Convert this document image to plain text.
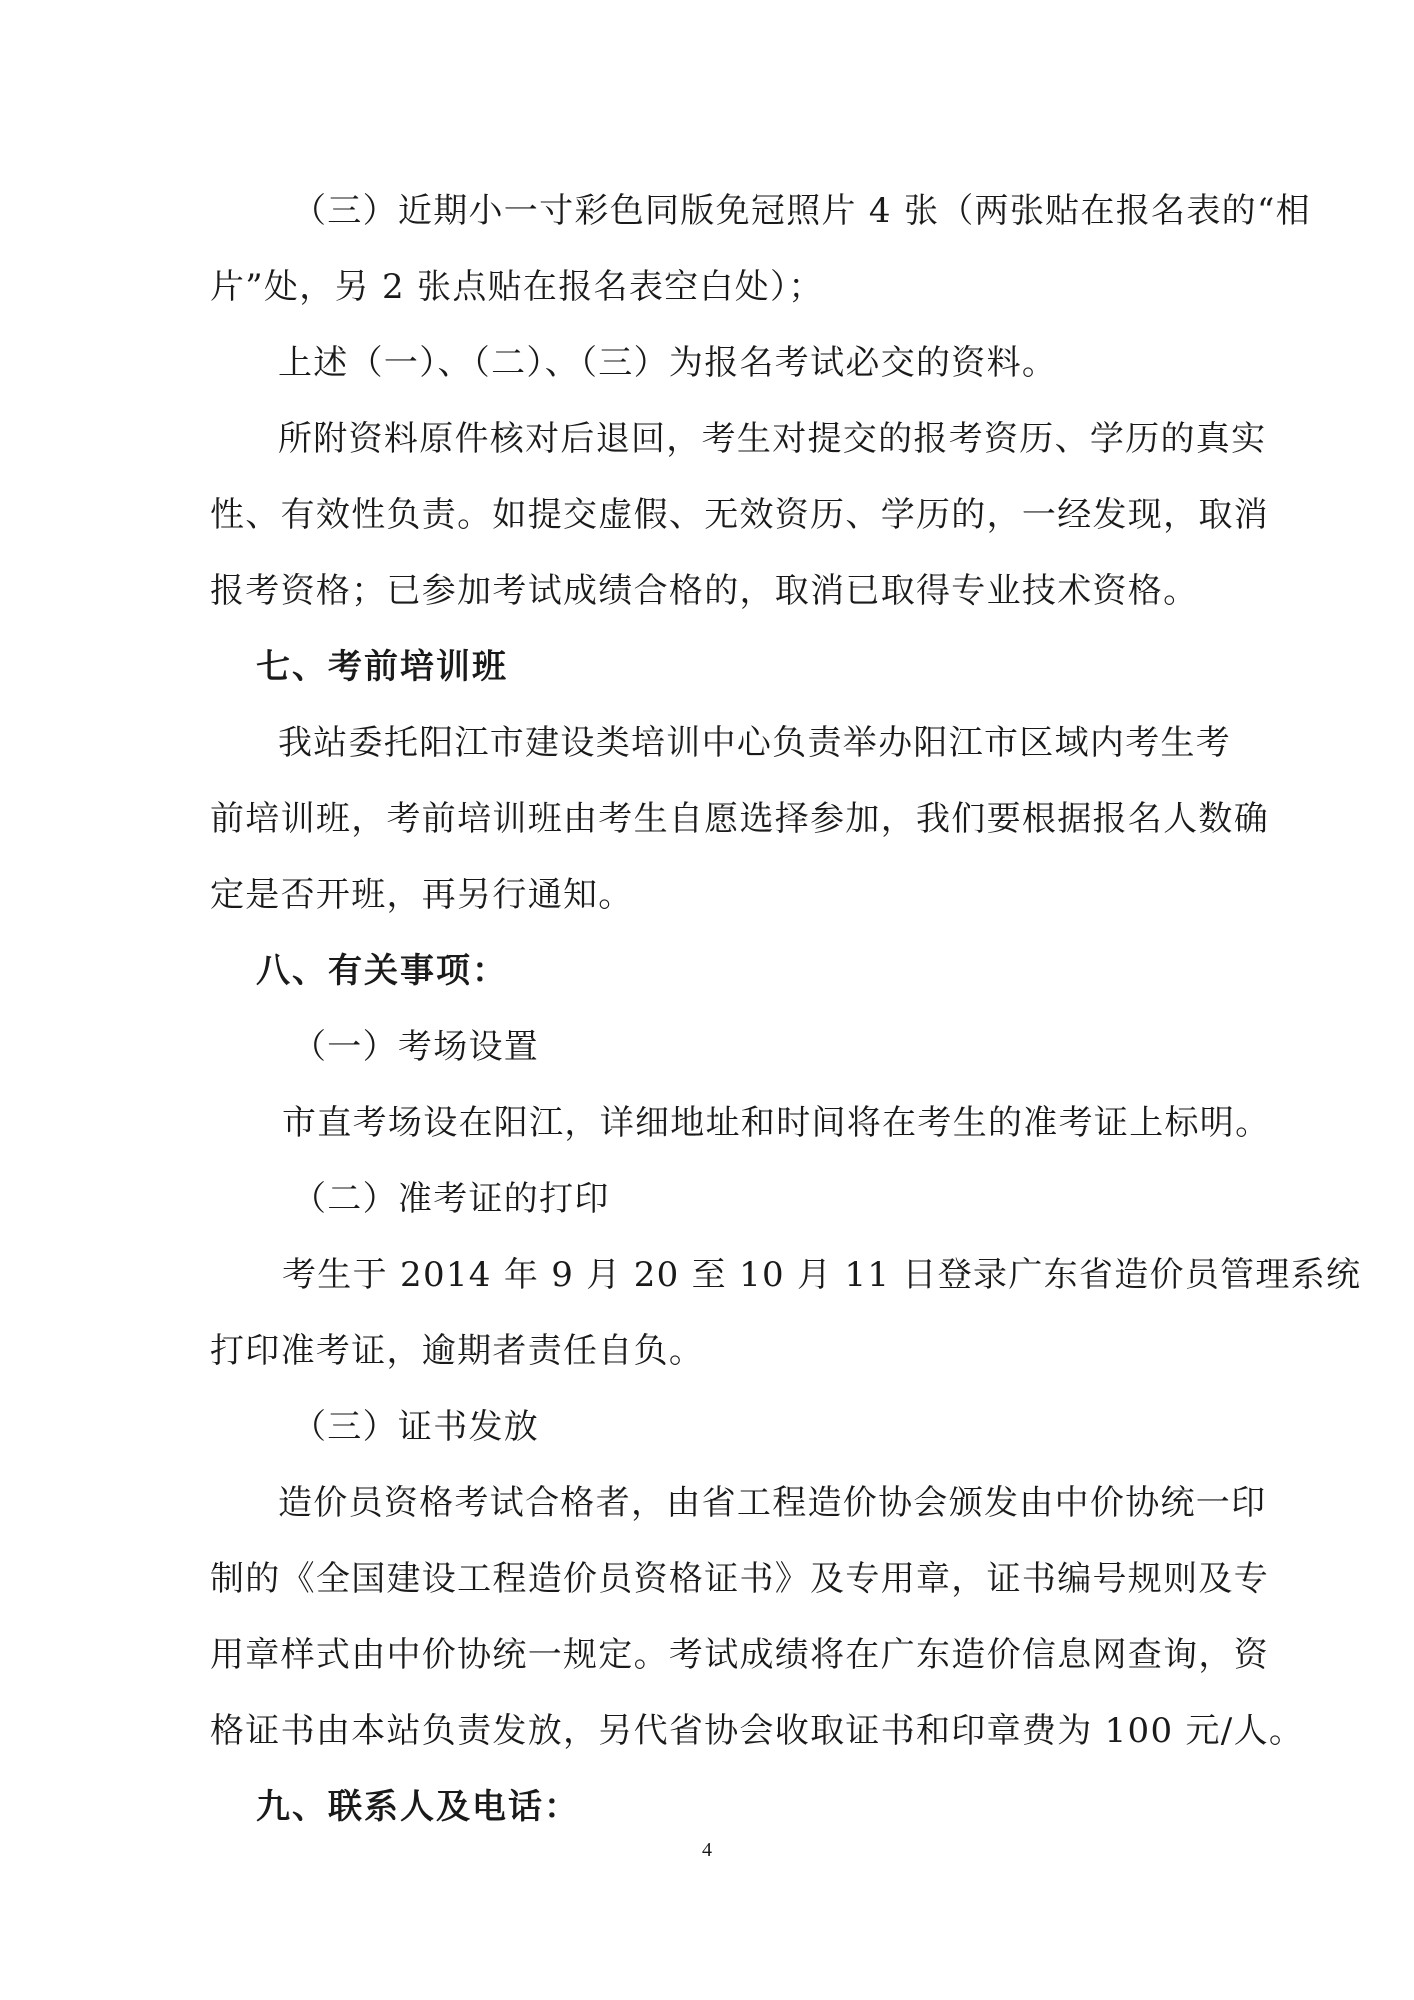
（三）近期小一寸彩色同版免冠照片 4 张（两张贴在报名表的“相
片”处，另 2 张点贴在报名表空白处）；
上述（一）、（二）、（三）为报名考试必交的资料。
所附资料原件核对后退回，考生对提交的报考资历、学历的真实
性、有效性负责。如提交虚假、无效资历、学历的，一经发现，取消
报考资格；已参加考试成绩合格的，取消已取得专业技术资格。
七、考前培训班
我站委托阳江市建设类培训中心负责举办阳江市区域内考生考
前培训班，考前培训班由考生自愿选择参加，我们要根据报名人数确
定是否开班，再另行通知。
八、有关事项：
（一）考场设置
市直考场设在阳江，详细地址和时间将在考生的准考证上标明。
（二）准考证的打印
考生于 2014 年 9 月 20 至 10 月 11 日登录广东省造价员管理系统
打印准考证，逾期者责任自负。
（三）证书发放
造价员资格考试合格者，由省工程造价协会颁发由中价协统一印
制的《全国建设工程造价员资格证书》及专用章，证书编号规则及专
用章样式由中价协统一规定。考试成绩将在广东造价信息网查询，资
格证书由本站负责发放，另代省协会收取证书和印章费为 100 元/人。
九、联系人及电话：
4
